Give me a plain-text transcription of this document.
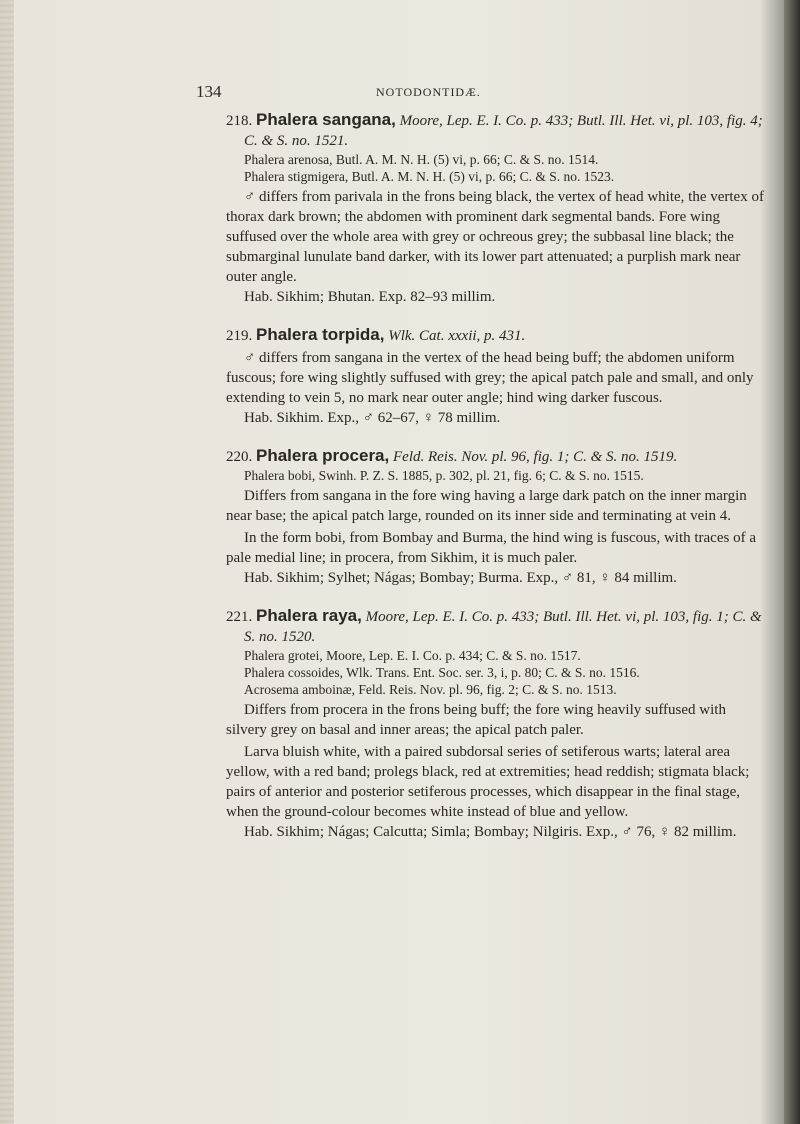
134	NOTODONTIDÆ.
218. Phalera sangana, Moore, Lep. E. I. Co. p. 433; Butl. Ill. Het. vi, pl. 103, fig. 4; C. & S. no. 1521.
Phalera arenosa, Butl. A. M. N. H. (5) vi, p. 66; C. & S. no. 1514.
Phalera stigmigera, Butl. A. M. N. H. (5) vi, p. 66; C. & S. no. 1523.

♂ differs from parivala in the frons being black, the vertex of head white, the vertex of thorax dark brown; the abdomen with prominent dark segmental bands. Fore wing suffused over the whole area with grey or ochreous grey; the subbasal line black; the submarginal lunulate band darker, with its lower part attenuated; a purplish mark near outer angle.

Hab. Sikhim; Bhutan. Exp. 82–93 millim.

219. Phalera torpida, Wlk. Cat. xxxii, p. 431.

♂ differs from sangana in the vertex of the head being buff; the abdomen uniform fuscous; fore wing slightly suffused with grey; the apical patch pale and small, and only extending to vein 5, no mark near outer angle; hind wing darker fuscous.

Hab. Sikhim. Exp., ♂ 62–67, ♀ 78 millim.

220. Phalera procera, Feld. Reis. Nov. pl. 96, fig. 1; C. & S. no. 1519.
Phalera bobi, Swinh. P. Z. S. 1885, p. 302, pl. 21, fig. 6; C. & S. no. 1515.

Differs from sangana in the fore wing having a large dark patch on the inner margin near base; the apical patch large, rounded on its inner side and terminating at vein 4.

In the form bobi, from Bombay and Burma, the hind wing is fuscous, with traces of a pale medial line; in procera, from Sikhim, it is much paler.

Hab. Sikhim; Sylhet; Nágas; Bombay; Burma. Exp., ♂ 81, ♀ 84 millim.

221. Phalera raya, Moore, Lep. E. I. Co. p. 433; Butl. Ill. Het. vi, pl. 103, fig. 1; C. & S. no. 1520.
Phalera grotei, Moore, Lep. E. I. Co. p. 434; C. & S. no. 1517.
Phalera cossoides, Wlk. Trans. Ent. Soc. ser. 3, i, p. 80; C. & S. no. 1516.
Acrosema amboinæ, Feld. Reis. Nov. pl. 96, fig. 2; C. & S. no. 1513.

Differs from procera in the frons being buff; the fore wing heavily suffused with silvery grey on basal and inner areas; the apical patch paler.

Larva bluish white, with a paired subdorsal series of setiferous warts; lateral area yellow, with a red band; prolegs black, red at extremities; head reddish; stigmata black; pairs of anterior and posterior setiferous processes, which disappear in the final stage, when the ground-colour becomes white instead of blue and yellow.

Hab. Sikhim; Nágas; Calcutta; Simla; Bombay; Nilgiris. Exp., ♂ 76, ♀ 82 millim.
